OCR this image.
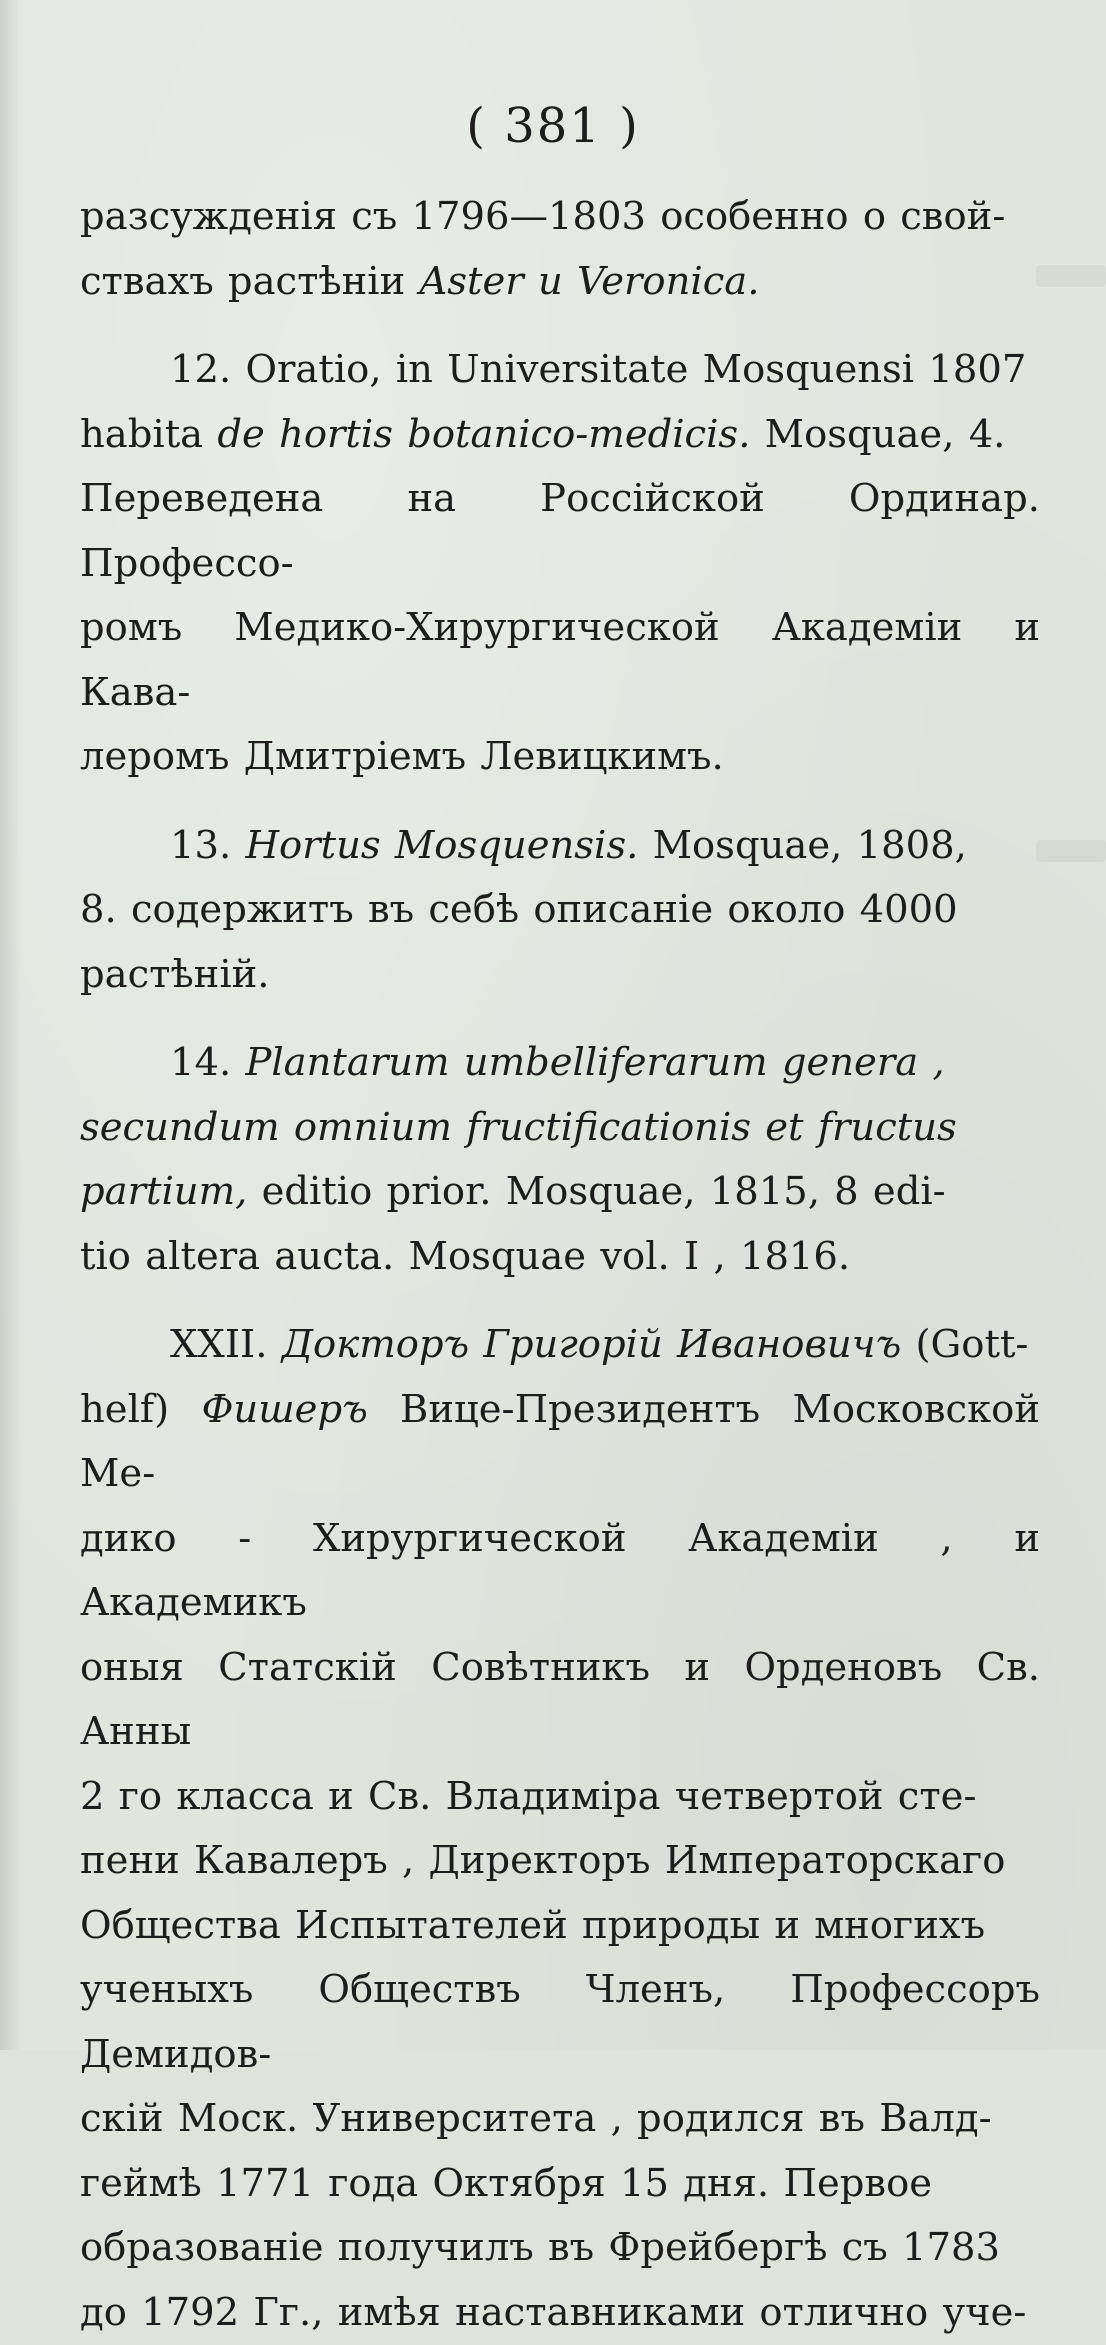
( 381 )

разсужденія съ 1796—1803 особенно о свой-

ствахъ растѣніи Aster и Veronica.

12. Oratio, in Universitate Mosquensi 1807

habita de hortis botanico-medicis. Mosquae, 4.

Переведена на Россійской Ординар. Профессо-

ромъ Медико-Хирургической Академіи и Кава-

леромъ Дмитріемъ Левицкимъ.

13. Hortus Mosquensis. Mosquae, 1808,

8. содержитъ въ себѣ описаніе около 4000

растѣній.

14. Plantarum umbelliferarum genera ,

secundum omnium fructificationis et fructus

partium, editio prior. Mosquae, 1815, 8 edi-

tio altera aucta. Mosquae vol. I , 1816.

XXII. Докторъ Григорій Ивановичъ (Gott-

helf) Фишеръ Вице-Президентъ Московской Ме-

дико - Хирургической Академіи , и Академикъ

оныя Статскій Совѣтникъ и Орденовъ Св. Анны

2 го класса и Св. Владиміра четвертой сте-

пени Кавалеръ , Директоръ Императорскаго

Общества Испытателей природы и многихъ

ученыхъ Обществъ Членъ, Профессоръ Демидов-

скій Моск. Университета , родился въ Валд-

геймѣ 1771 года Октября 15 дня. Первое

образованіе получилъ въ Фрейбергѣ съ 1783

до 1792 Гг., имѣя наставниками отлично уче-
